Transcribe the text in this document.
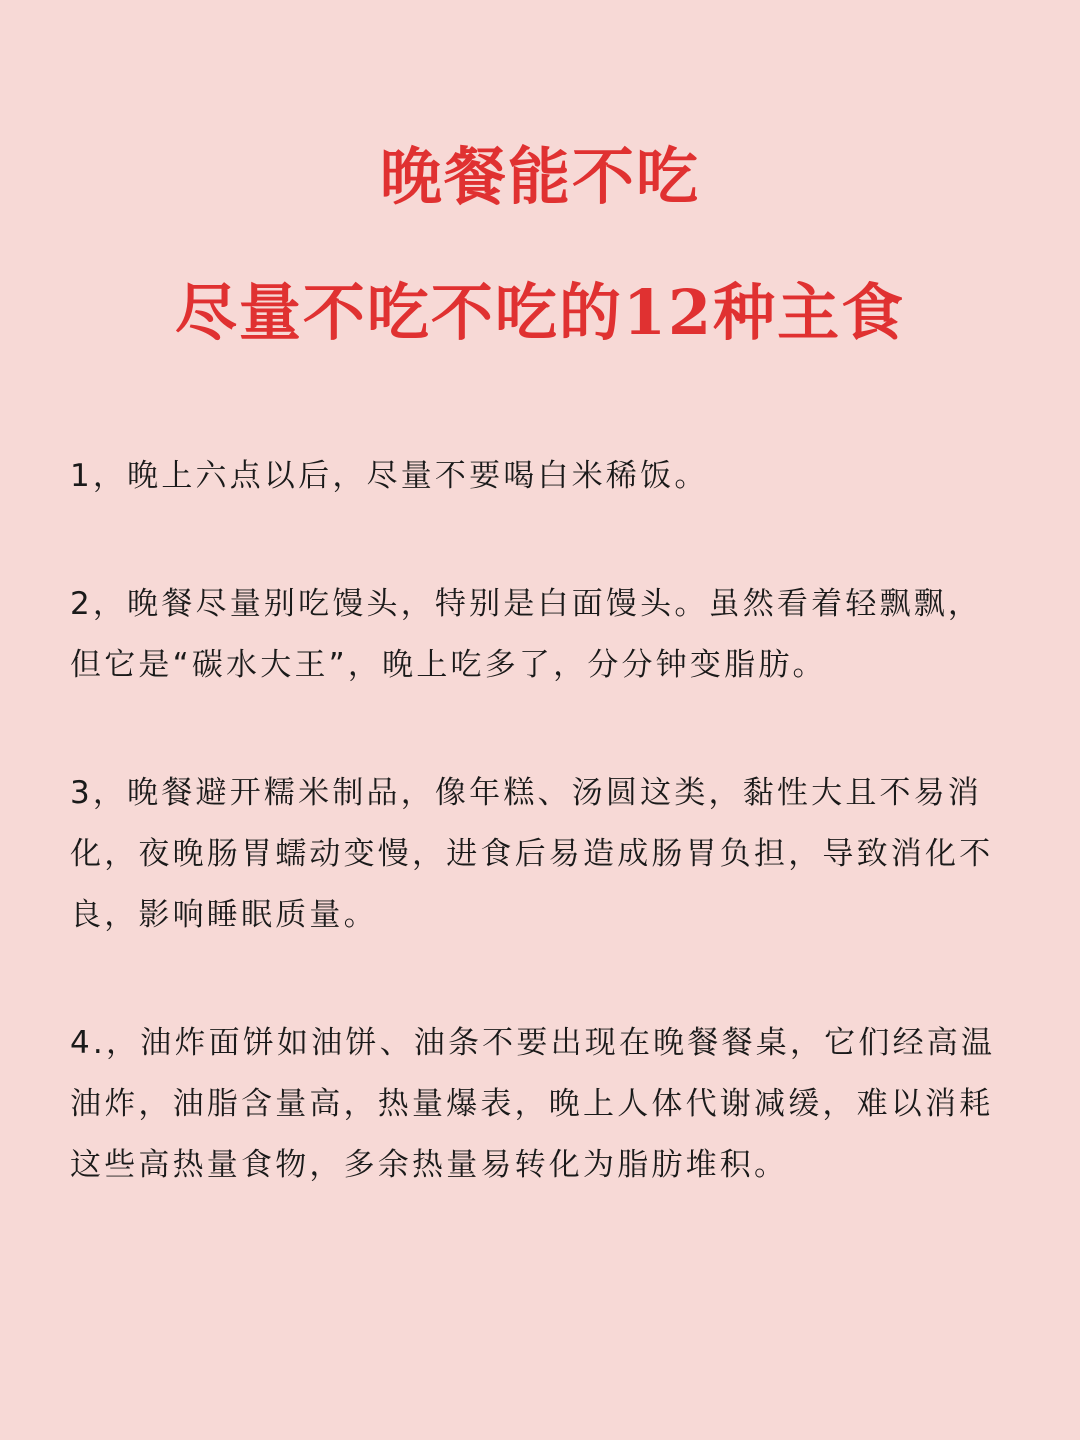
晚餐能不吃
尽量不吃不吃的12种主食

1，晚上六点以后，尽量不要喝白米稀饭。

2，晚餐尽量别吃馒头，特别是白面馒头。虽然看着轻飘飘，但它是“碳水大王”，晚上吃多了，分分钟变脂肪。

3，晚餐避开糯米制品，像年糕、汤圆这类，黏性大且不易消化，夜晚肠胃蠕动变慢，进食后易造成肠胃负担，导致消化不良，影响睡眠质量。

4.，油炸面饼如油饼、油条不要出现在晚餐餐桌，它们经高温油炸，油脂含量高，热量爆表，晚上人体代谢减缓，难以消耗这些高热量食物，多余热量易转化为脂肪堆积。
